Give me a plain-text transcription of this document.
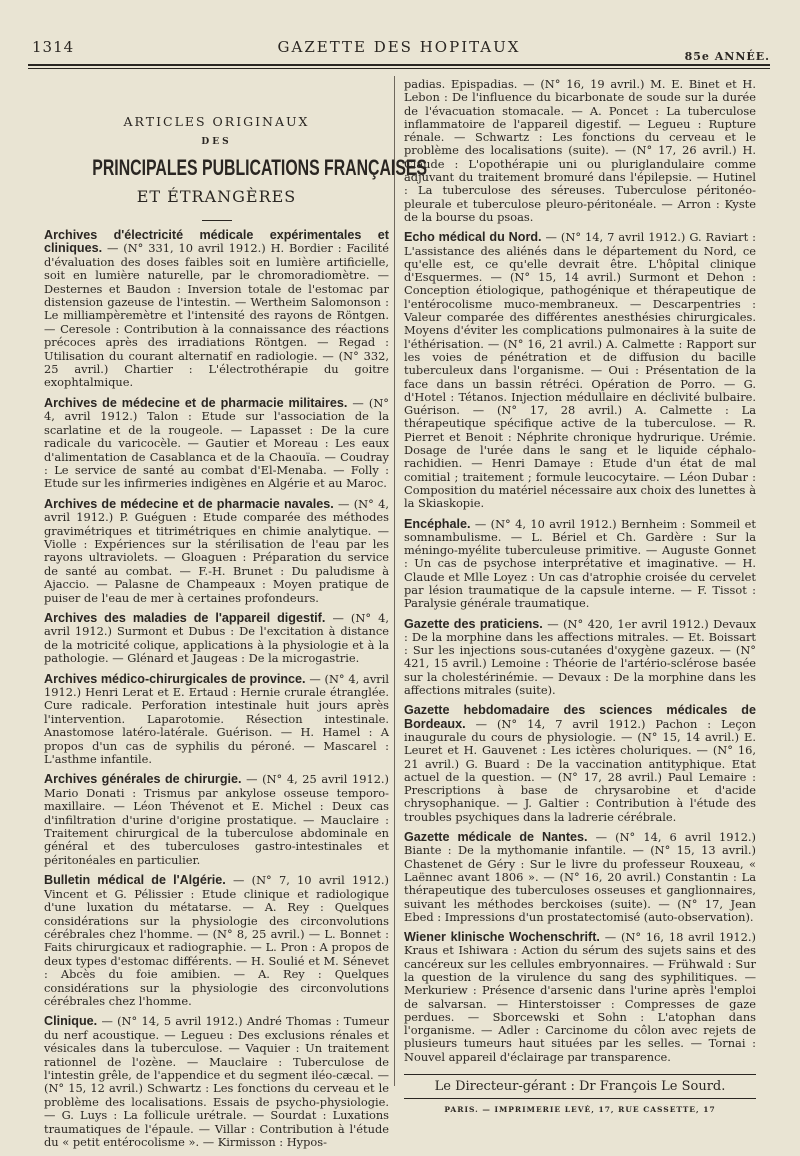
1314	GAZETTE DES HOPITAUX
85e ANNÉE.
ARTICLES ORIGINAUX
DES
PRINCIPALES PUBLICATIONS FRANÇAISES
ET ÉTRANGÈRES
Archives d'électricité médicale expérimentales et cliniques. — (N° 331, 10 avril 1912.) H. Bordier : Facilité d'évaluation des doses faibles soit en lumière artificielle, soit en lumière naturelle, par le chromoradiomètre. — Desternes et Baudon : Inversion totale de l'estomac par distension gazeuse de l'intestin. — Wertheim Salomonson : Le milliampèremètre et l'intensité des rayons de Röntgen. — Ceresole : Contribution à la connaissance des réactions précoces après des irradiations Röntgen. — Regad : Utilisation du courant alternatif en radiologie. — (N° 332, 25 avril.) Chartier : L'électrothérapie du goitre exophtalmique.
Archives de médecine et de pharmacie militaires. — (N° 4, avril 1912.) Talon : Etude sur l'association de la scarlatine et de la rougeole. — Lapasset : De la cure radicale du varicocèle. — Gautier et Moreau : Les eaux d'alimentation de Casablanca et de la Chaouïa. — Coudray : Le service de santé au combat d'El-Menaba. — Folly : Etude sur les infirmeries indigènes en Algérie et au Maroc.
Archives de médecine et de pharmacie navales. — (N° 4, avril 1912.) P. Guéguen : Etude comparée des méthodes gravimétriques et titrimétriques en chimie analytique. — Violle : Expériences sur la stérilisation de l'eau par les rayons ultraviolets. — Gloaguen : Préparation du service de santé au combat. — F.-H. Brunet : Du paludisme à Ajaccio. — Palasne de Champeaux : Moyen pratique de puiser de l'eau de mer à certaines profondeurs.
Archives des maladies de l'appareil digestif. — (N° 4, avril 1912.) Surmont et Dubus : De l'excitation à distance de la motricité colique, applications à la physiologie et à la pathologie. — Glénard et Jaugeas : De la microgastrie.
Archives médico-chirurgicales de province. — (N° 4, avril 1912.) Henri Lerat et E. Ertaud : Hernie crurale étranglée. Cure radicale. Perforation intestinale huit jours après l'intervention. Laparotomie. Résection intestinale. Anastomose latéro-latérale. Guérison. — H. Hamel : A propos d'un cas de syphilis du péroné. — Mascarel : L'asthme infantile.
Archives générales de chirurgie. — (N° 4, 25 avril 1912.) Mario Donati : Trismus par ankylose osseuse temporo-maxillaire. — Léon Thévenot et E. Michel : Deux cas d'infiltration d'urine d'origine prostatique. — Mauclaire : Traitement chirurgical de la tuberculose abdominale en général et des tuberculoses gastro-intestinales et péritonéales en particulier.
Bulletin médical de l'Algérie. — (N° 7, 10 avril 1912.) Vincent et G. Pélissier : Etude clinique et radiologique d'une luxation du métatarse. — A. Rey : Quelques considérations sur la physiologie des circonvolutions cérébrales chez l'homme. — (N° 8, 25 avril.) — L. Bonnet : Faits chirurgicaux et radiographie. — L. Pron : A propos de deux types d'estomac différents. — H. Soulié et M. Sénevet : Abcès du foie amibien. — A. Rey : Quelques considérations sur la physiologie des circonvolutions cérébrales chez l'homme.
Clinique. — (N° 14, 5 avril 1912.) André Thomas : Tumeur du nerf acoustique. — Legueu : Des exclusions rénales et vésicales dans la tuberculose. — Vaquier : Un traitement rationnel de l'ozène. — Mauclaire : Tuberculose de l'intestin grêle, de l'appendice et du segment iléo-cæcal. — (N° 15, 12 avril.) Schwartz : Les fonctions du cerveau et le problème des localisations. Essais de psycho-physiologie. — G. Luys : La follicule urétrale. — Sourdat : Luxations traumatiques de l'épaule. — Villar : Contribution à l'étude du « petit entérocolisme ». — Kirmisson : Hypos-
padias. Epispadias. — (N° 16, 19 avril.) M. E. Binet et H. Lebon : De l'influence du bicarbonate de soude sur la durée de l'évacuation stomacale. — A. Poncet : La tuberculose inflammatoire de l'appareil digestif. — Legueu : Rupture rénale. — Schwartz : Les fonctions du cerveau et le problème des localisations (suite). — (N° 17, 26 avril.) H. Claude : L'opothérapie uni ou pluriglandulaire comme adjuvant du traitement bromuré dans l'épilepsie. — Hutinel : La tuberculose des séreuses. Tuberculose péritonéo-pleurale et tuberculose pleuro-péritonéale. — Arron : Kyste de la bourse du psoas.
Echo médical du Nord. — (N° 14, 7 avril 1912.) G. Raviart : L'assistance des aliénés dans le département du Nord, ce qu'elle est, ce qu'elle devrait être. L'hôpital clinique d'Esquermes. — (N° 15, 14 avril.) Surmont et Dehon : Conception étiologique, pathogénique et thérapeutique de l'entérocolisme muco-membraneux. — Descarpentries : Valeur comparée des différentes anesthésies chirurgicales. Moyens d'éviter les complications pulmonaires à la suite de l'éthérisation. — (N° 16, 21 avril.) A. Calmette : Rapport sur les voies de pénétration et de diffusion du bacille tuberculeux dans l'organisme. — Oui : Présentation de la face dans un bassin rétréci. Opération de Porro. — G. d'Hotel : Tétanos. Injection médullaire en déclivité bulbaire. Guérison. — (N° 17, 28 avril.) A. Calmette : La thérapeutique spécifique active de la tuberculose. — R. Pierret et Benoit : Néphrite chronique hydrurique. Urémie. Dosage de l'urée dans le sang et le liquide céphalo-rachidien. — Henri Damaye : Etude d'un état de mal comitial ; traitement ; formule leucocytaire. — Léon Dubar : Composition du matériel nécessaire aux choix des lunettes à la Skiaskopie.
Encéphale. — (N° 4, 10 avril 1912.) Bernheim : Sommeil et somnambulisme. — L. Bériel et Ch. Gardère : Sur la méningo-myélite tuberculeuse primitive. — Auguste Gonnet : Un cas de psychose interprétative et imaginative. — H. Claude et Mlle Loyez : Un cas d'atrophie croisée du cervelet par lésion traumatique de la capsule interne. — F. Tissot : Paralysie générale traumatique.
Gazette des praticiens. — (N° 420, 1er avril 1912.) Devaux : De la morphine dans les affections mitrales. — Et. Boissart : Sur les injections sous-cutanées d'oxygène gazeux. — (N° 421, 15 avril.) Lemoine : Théorie de l'artério-sclérose basée sur la cholestérinémie. — Devaux : De la morphine dans les affections mitrales (suite).
Gazette hebdomadaire des sciences médicales de Bordeaux. — (N° 14, 7 avril 1912.) Pachon : Leçon inaugurale du cours de physiologie. — (N° 15, 14 avril.) E. Leuret et H. Gauvenet : Les ictères choluriques. — (N° 16, 21 avril.) G. Buard : De la vaccination antityphique. Etat actuel de la question. — (N° 17, 28 avril.) Paul Lemaire : Prescriptions à base de chrysarobine et d'acide chrysophanique. — J. Galtier : Contribution à l'étude des troubles psychiques dans la ladrerie cérébrale.
Gazette médicale de Nantes. — (N° 14, 6 avril 1912.) Biante : De la mythomanie infantile. — (N° 15, 13 avril.) Chastenet de Géry : Sur le livre du professeur Rouxeau, « Laënnec avant 1806 ». — (N° 16, 20 avril.) Constantin : La thérapeutique des tuberculoses osseuses et ganglionnaires, suivant les méthodes berckoises (suite). — (N° 17, Jean Ebed : Impressions d'un prostatectomisé (auto-observation).
Wiener klinische Wochenschrift. — (N° 16, 18 avril 1912.) Kraus et Ishiwara : Action du sérum des sujets sains et des cancéreux sur les cellules embryonnaires. — Frühwald : Sur la question de la virulence du sang des syphilitiques. — Merkuriew : Présence d'arsenic dans l'urine après l'emploi de salvarsan. — Hinterstoisser : Compresses de gaze perdues. — Sborcewski et Sohn : L'atophan dans l'organisme. — Adler : Carcinome du côlon avec rejets de plusieurs tumeurs haut situées par les selles. — Tornai : Nouvel appareil d'éclairage par transparence.
Le Directeur-gérant : Dr François Le Sourd.
PARIS. — IMPRIMERIE LEVÉ, 17, RUE CASSETTE, 17
